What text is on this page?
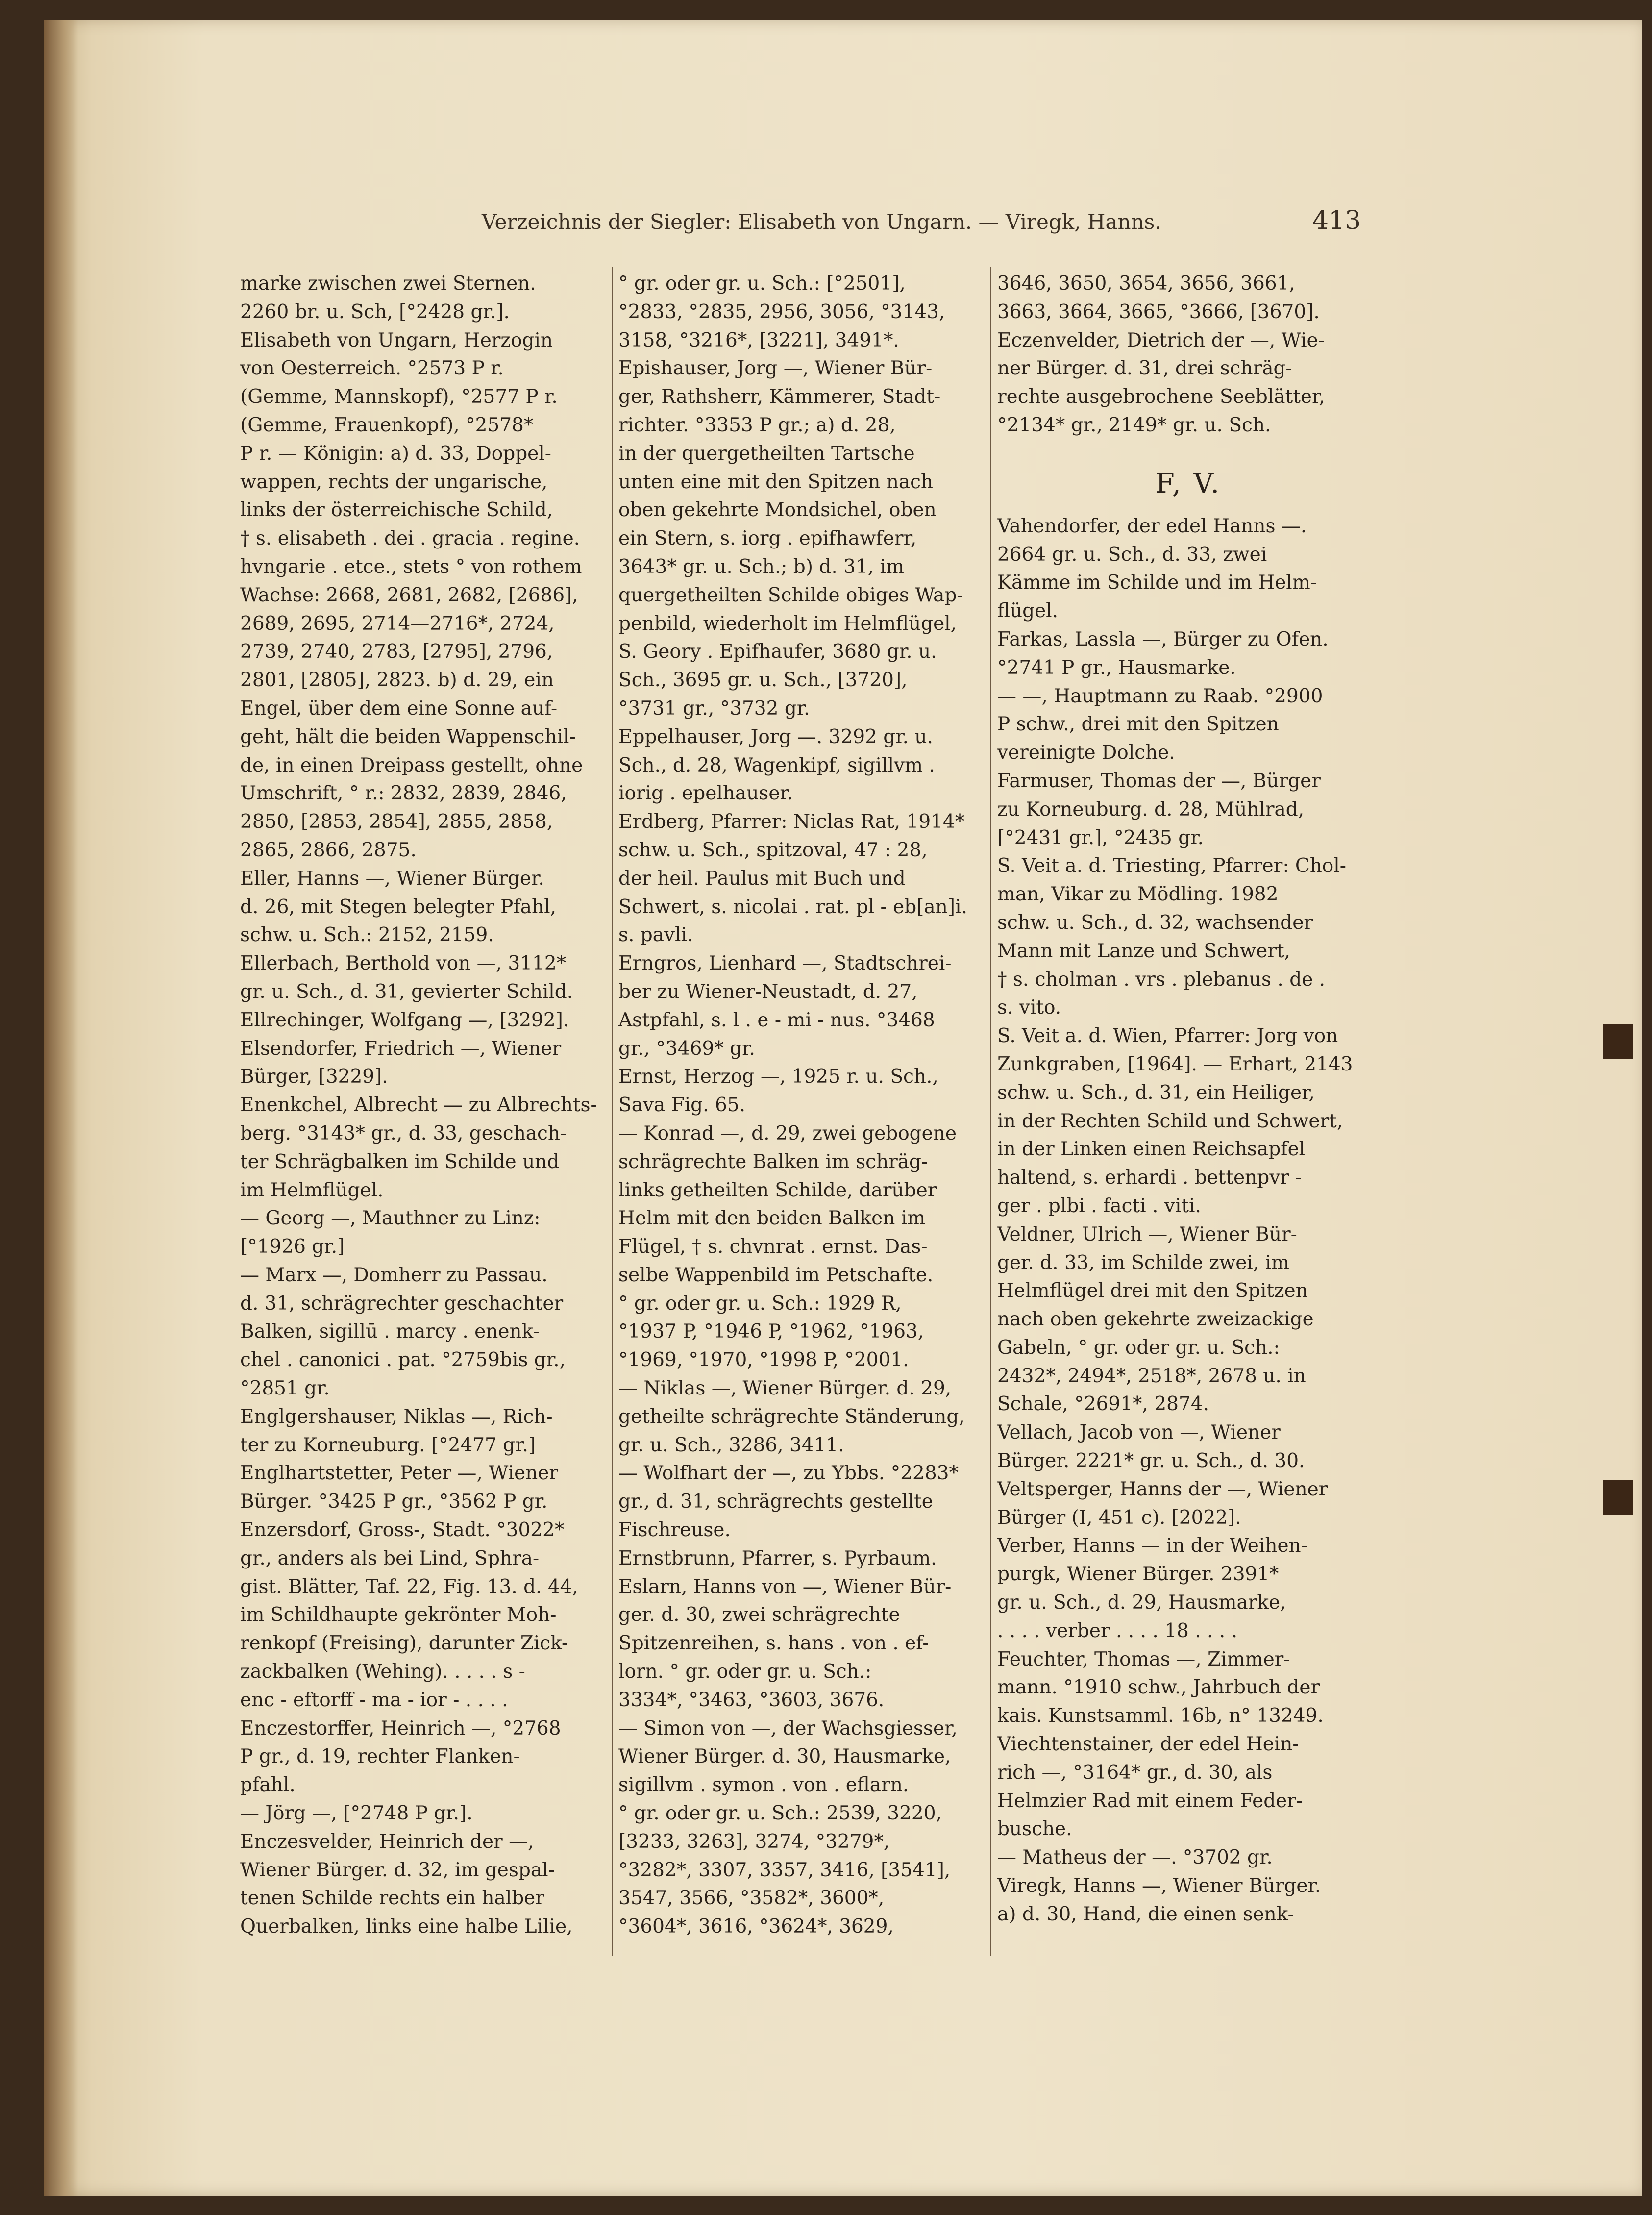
Verzeichnis der Siegler: Elisabeth von Ungarn. — Viregk, Hanns.	413
marke zwischen zwei Sternen.
2260 br. u. Sch, [°2428 gr.].
Elisabeth von Ungarn, Herzogin
von Oesterreich. °2573 P r.
(Gemme, Mannskopf), °2577 P r.
(Gemme, Frauenkopf), °2578*
P r. — Königin: a) d. 33, Doppel-
wappen, rechts der ungarische,
links der österreichische Schild,
† s. elisabeth . dei . gracia . regine.
hvngarie . etce., stets ° von rothem
Wachse: 2668, 2681, 2682, [2686],
2689, 2695, 2714—2716*, 2724,
2739, 2740, 2783, [2795], 2796,
2801, [2805], 2823. b) d. 29, ein
Engel, über dem eine Sonne auf-
geht, hält die beiden Wappenschil-
de, in einen Dreipass gestellt, ohne
Umschrift, ° r.: 2832, 2839, 2846,
2850, [2853, 2854], 2855, 2858,
2865, 2866, 2875.
Eller, Hanns —, Wiener Bürger.
d. 26, mit Stegen belegter Pfahl,
schw. u. Sch.: 2152, 2159.
Ellerbach, Berthold von —, 3112*
gr. u. Sch., d. 31, gevierter Schild.
Ellrechinger, Wolfgang —, [3292].
Elsendorfer, Friedrich —, Wiener
Bürger, [3229].
Enenkchel, Albrecht — zu Albrechts-
berg. °3143* gr., d. 33, geschach-
ter Schrägbalken im Schilde und
im Helmflügel.
— Georg —, Mauthner zu Linz:
[°1926 gr.]
— Marx —, Domherr zu Passau.
d. 31, schrägrechter geschachter
Balken, sigillū . marcy . enenk-
chel . canonici . pat. °2759bis gr.,
°2851 gr.
Englgershauser, Niklas —, Rich-
ter zu Korneuburg. [°2477 gr.]
Englhartstetter, Peter —, Wiener
Bürger. °3425 P gr., °3562 P gr.
Enzersdorf, Gross-, Stadt. °3022*
gr., anders als bei Lind, Sphra-
gist. Blätter, Taf. 22, Fig. 13. d. 44,
im Schildhaupte gekrönter Moh-
renkopf (Freising), darunter Zick-
zackbalken (Wehing). . . . . s -
enc - eftorff - ma - ior - . . . .
Enczestorffer, Heinrich —, °2768
P gr., d. 19, rechter Flanken-
pfahl.
— Jörg —, [°2748 P gr.].
Enczesvelder, Heinrich der —,
Wiener Bürger. d. 32, im gespal-
tenen Schilde rechts ein halber
Querbalken, links eine halbe Lilie,
° gr. oder gr. u. Sch.: [°2501],
°2833, °2835, 2956, 3056, °3143,
3158, °3216*, [3221], 3491*.
Epishauser, Jorg —, Wiener Bür-
ger, Rathsherr, Kämmerer, Stadt-
richter. °3353 P gr.; a) d. 28,
in der quergetheilten Tartsche
unten eine mit den Spitzen nach
oben gekehrte Mondsichel, oben
ein Stern, s. iorg . epifhawferr,
3643* gr. u. Sch.; b) d. 31, im
quergetheilten Schilde obiges Wap-
penbild, wiederholt im Helmflügel,
S. Geory . Epifhaufer, 3680 gr. u.
Sch., 3695 gr. u. Sch., [3720],
°3731 gr., °3732 gr.
Eppelhauser, Jorg —. 3292 gr. u.
Sch., d. 28, Wagenkipf, sigillvm .
iorig . epelhauser.
Erdberg, Pfarrer: Niclas Rat, 1914*
schw. u. Sch., spitzoval, 47 : 28,
der heil. Paulus mit Buch und
Schwert, s. nicolai . rat. pl - eb[an]i.
s. pavli.
Erngros, Lienhard —, Stadtschrei-
ber zu Wiener-Neustadt, d. 27,
Astpfahl, s. l . e - mi - nus. °3468
gr., °3469* gr.
Ernst, Herzog —, 1925 r. u. Sch.,
Sava Fig. 65.
— Konrad —, d. 29, zwei gebogene
schrägrechte Balken im schräg-
links getheilten Schilde, darüber
Helm mit den beiden Balken im
Flügel, † s. chvnrat . ernst. Das-
selbe Wappenbild im Petschafte.
° gr. oder gr. u. Sch.: 1929 R,
°1937 P, °1946 P, °1962, °1963,
°1969, °1970, °1998 P, °2001.
— Niklas —, Wiener Bürger. d. 29,
getheilte schrägrechte Ständerung,
gr. u. Sch., 3286, 3411.
— Wolfhart der —, zu Ybbs. °2283*
gr., d. 31, schrägrechts gestellte
Fischreuse.
Ernstbrunn, Pfarrer, s. Pyrbaum.
Eslarn, Hanns von —, Wiener Bür-
ger. d. 30, zwei schrägrechte
Spitzenreihen, s. hans . von . ef-
lorn. ° gr. oder gr. u. Sch.:
3334*, °3463, °3603, 3676.
— Simon von —, der Wachsgiesser,
Wiener Bürger. d. 30, Hausmarke,
sigillvm . symon . von . eflarn.
° gr. oder gr. u. Sch.: 2539, 3220,
[3233, 3263], 3274, °3279*,
°3282*, 3307, 3357, 3416, [3541],
3547, 3566, °3582*, 3600*,
°3604*, 3616, °3624*, 3629,
3646, 3650, 3654, 3656, 3661,
3663, 3664, 3665, °3666, [3670].
Eczenvelder, Dietrich der —, Wie-
ner Bürger. d. 31, drei schräg-
rechte ausgebrochene Seeblätter,
°2134* gr., 2149* gr. u. Sch.
F, V.
Vahendorfer, der edel Hanns —.
2664 gr. u. Sch., d. 33, zwei
Kämme im Schilde und im Helm-
flügel.
Farkas, Lassla —, Bürger zu Ofen.
°2741 P gr., Hausmarke.
— —, Hauptmann zu Raab. °2900
P schw., drei mit den Spitzen
vereinigte Dolche.
Farmuser, Thomas der —, Bürger
zu Korneuburg. d. 28, Mühlrad,
[°2431 gr.], °2435 gr.
S. Veit a. d. Triesting, Pfarrer: Chol-
man, Vikar zu Mödling. 1982
schw. u. Sch., d. 32, wachsender
Mann mit Lanze und Schwert,
† s. cholman . vrs . plebanus . de .
s. vito.
S. Veit a. d. Wien, Pfarrer: Jorg von
Zunkgraben, [1964]. — Erhart, 2143
schw. u. Sch., d. 31, ein Heiliger,
in der Rechten Schild und Schwert,
in der Linken einen Reichsapfel
haltend, s. erhardi . bettenpvr -
ger . plbi . facti . viti.
Veldner, Ulrich —, Wiener Bür-
ger. d. 33, im Schilde zwei, im
Helmflügel drei mit den Spitzen
nach oben gekehrte zweizackige
Gabeln, ° gr. oder gr. u. Sch.:
2432*, 2494*, 2518*, 2678 u. in
Schale, °2691*, 2874.
Vellach, Jacob von —, Wiener
Bürger. 2221* gr. u. Sch., d. 30.
Veltsperger, Hanns der —, Wiener
Bürger (I, 451 c). [2022].
Verber, Hanns — in der Weihen-
purgk, Wiener Bürger. 2391*
gr. u. Sch., d. 29, Hausmarke,
. . . . verber . . . . 18 . . . .
Feuchter, Thomas —, Zimmer-
mann. °1910 schw., Jahrbuch der
kais. Kunstsamml. 16b, n° 13249.
Viechtenstainer, der edel Hein-
rich —, °3164* gr., d. 30, als
Helmzier Rad mit einem Feder-
busche.
— Matheus der —. °3702 gr.
Viregk, Hanns —, Wiener Bürger.
a) d. 30, Hand, die einen senk-
